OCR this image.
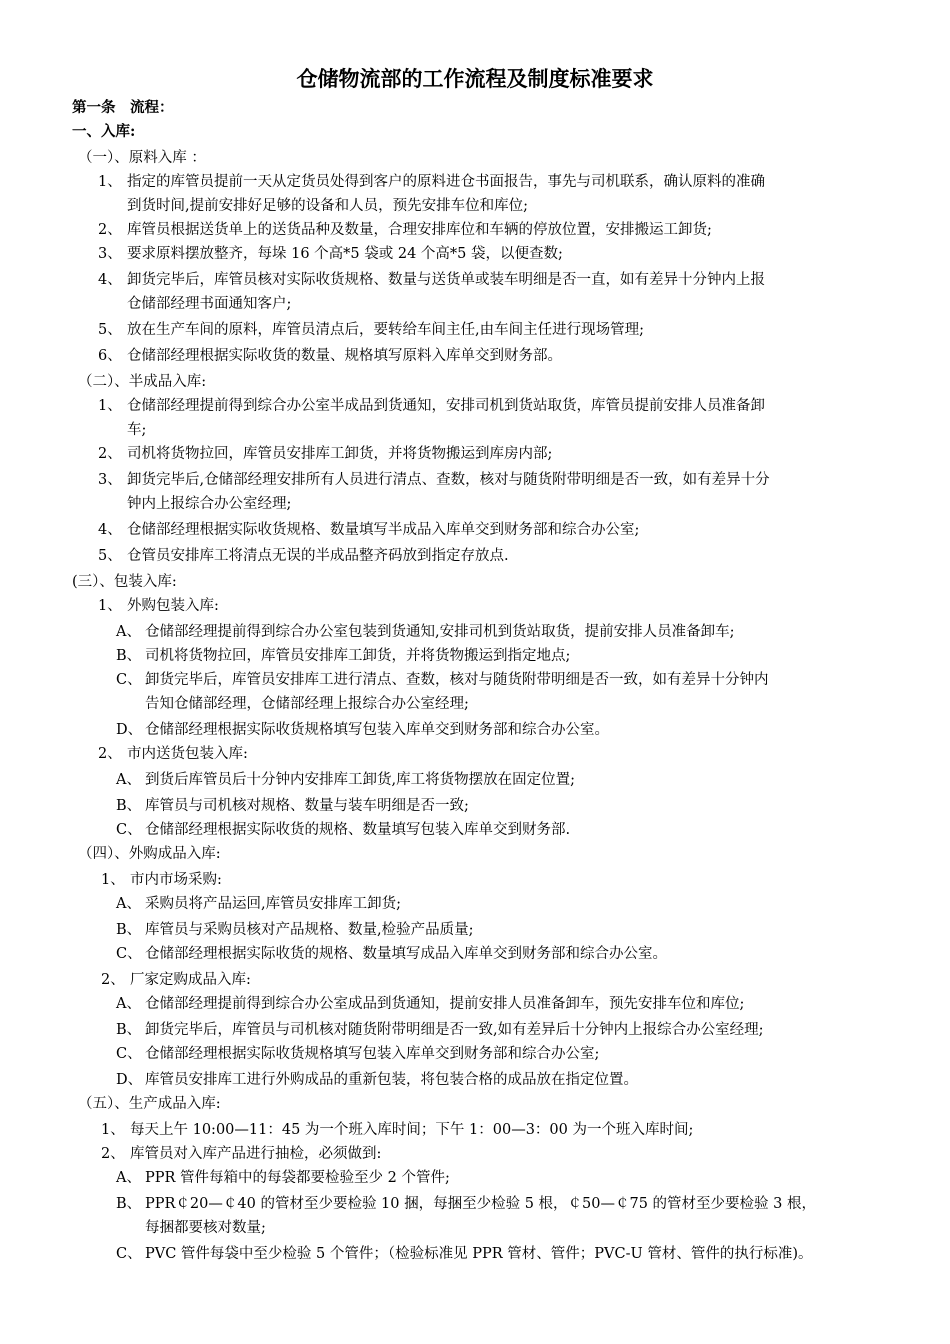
仓储物流部的工作流程及制度标准要求
第一条　流程：
一、入库:
（一）、原料入库 ：
1、 指定的库管员提前一天从定货员处得到客户的原料进仓书面报告，事先与司机联系，确认原料的准确
到货时间,提前安排好足够的设备和人员，预先安排车位和库位;
2、 库管员根据送货单上的送货品种及数量，合理安排库位和车辆的停放位置，安排搬运工卸货;
3、 要求原料摆放整齐，每垛 16 个高*5 袋或 24 个高*5 袋，以便查数;
4、 卸货完毕后，库管员核对实际收货规格、数量与送货单或装车明细是否一直，如有差异十分钟内上报
仓储部经理书面通知客户;
5、 放在生产车间的原料，库管员清点后，要转给车间主任,由车间主任进行现场管理;
6、 仓储部经理根据实际收货的数量、规格填写原料入库单交到财务部。
（二）、半成品入库:
1、 仓储部经理提前得到综合办公室半成品到货通知，安排司机到货站取货，库管员提前安排人员准备卸
车;
2、 司机将货物拉回，库管员安排库工卸货，并将货物搬运到库房内部;
3、 卸货完毕后,仓储部经理安排所有人员进行清点、查数，核对与随货附带明细是否一致，如有差异十分
钟内上报综合办公室经理;
4、 仓储部经理根据实际收货规格、数量填写半成品入库单交到财务部和综合办公室;
5、 仓管员安排库工将清点无误的半成品整齐码放到指定存放点.
(三）、包装入库:
1、 外购包装入库:
A、 仓储部经理提前得到综合办公室包装到货通知,安排司机到货站取货，提前安排人员准备卸车;
B、 司机将货物拉回，库管员安排库工卸货，并将货物搬运到指定地点;
C、 卸货完毕后，库管员安排库工进行清点、查数，核对与随货附带明细是否一致，如有差异十分钟内
告知仓储部经理，仓储部经理上报综合办公室经理;
D、 仓储部经理根据实际收货规格填写包装入库单交到财务部和综合办公室。
2、 市内送货包装入库:
A、 到货后库管员后十分钟内安排库工卸货,库工将货物摆放在固定位置;
B、 库管员与司机核对规格、数量与装车明细是否一致;
C、 仓储部经理根据实际收货的规格、数量填写包装入库单交到财务部.
（四）、外购成品入库:
1、 市内市场采购:
A、 采购员将产品运回,库管员安排库工卸货;
B、 库管员与采购员核对产品规格、数量,检验产品质量;
C、 仓储部经理根据实际收货的规格、数量填写成品入库单交到财务部和综合办公室。
2、 厂家定购成品入库:
A、 仓储部经理提前得到综合办公室成品到货通知，提前安排人员准备卸车，预先安排车位和库位;
B、 卸货完毕后，库管员与司机核对随货附带明细是否一致,如有差异后十分钟内上报综合办公室经理;
C、 仓储部经理根据实际收货规格填写包装入库单交到财务部和综合办公室;
D、 库管员安排库工进行外购成品的重新包装，将包装合格的成品放在指定位置。
（五）、生产成品入库:
1、 每天上午 10:00—11：45 为一个班入库时间；下午 1：00—3：00 为一个班入库时间;
2、 库管员对入库产品进行抽检，必须做到:
A、 PPR 管件每箱中的每袋都要检验至少 2 个管件;
B、 PPR￠20—￠40 的管材至少要检验 10 捆，每捆至少检验 5 根，￠50—￠75 的管材至少要检验 3 根，
每捆都要核对数量;
C、 PVC 管件每袋中至少检验 5 个管件；（检验标准见 PPR 管材、管件；PVC-U 管材、管件的执行标准)。
